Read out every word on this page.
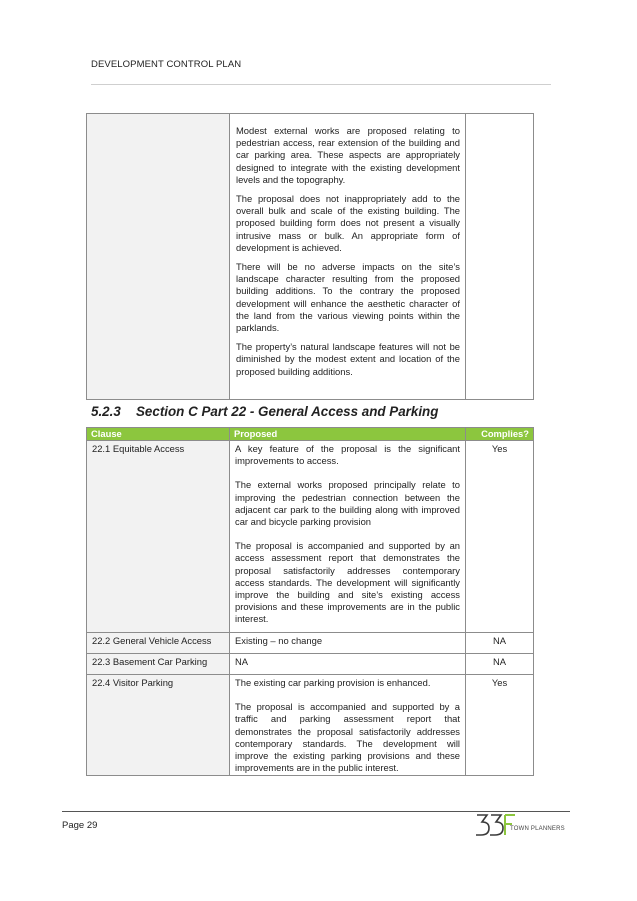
DEVELOPMENT CONTROL PLAN

Modest external works are proposed relating to pedestrian access, rear extension of the building and car parking area. These aspects are appropriately designed to integrate with the existing development levels and the topography.

The proposal does not inappropriately add to the overall bulk and scale of the existing building. The proposed building form does not present a visually intrusive mass or bulk. An appropriate form of development is achieved.

There will be no adverse impacts on the site’s landscape character resulting from the proposed building additions. To the contrary the proposed development will enhance the aesthetic character of the land from the various viewing points within the parklands.

The property’s natural landscape features will not be diminished by the modest extent and location of the proposed building additions.

5.2.3 Section C Part 22 - General Access and Parking
Clause	Proposed	Complies?
22.1 Equitable Access	A key feature of the proposal is the significant improvements to access.

The external works proposed principally relate to improving the pedestrian connection between the adjacent car park to the building along with improved car and bicycle parking provision

The proposal is accompanied and supported by an access assessment report that demonstrates the proposal satisfactorily addresses contemporary access standards. The development will significantly improve the building and site’s existing access provisions and these improvements are in the public interest.	Yes
22.2 General Vehicle Access	Existing – no change	NA
22.3 Basement Car Parking	NA	NA
22.4 Visitor Parking	The existing car parking provision is enhanced.

The proposal is accompanied and supported by a traffic and parking assessment report that demonstrates the proposal satisfactorily addresses contemporary standards. The development will improve the existing parking provisions and these improvements are in the public interest.	Yes
Page 29	TOWN PLANNERS
